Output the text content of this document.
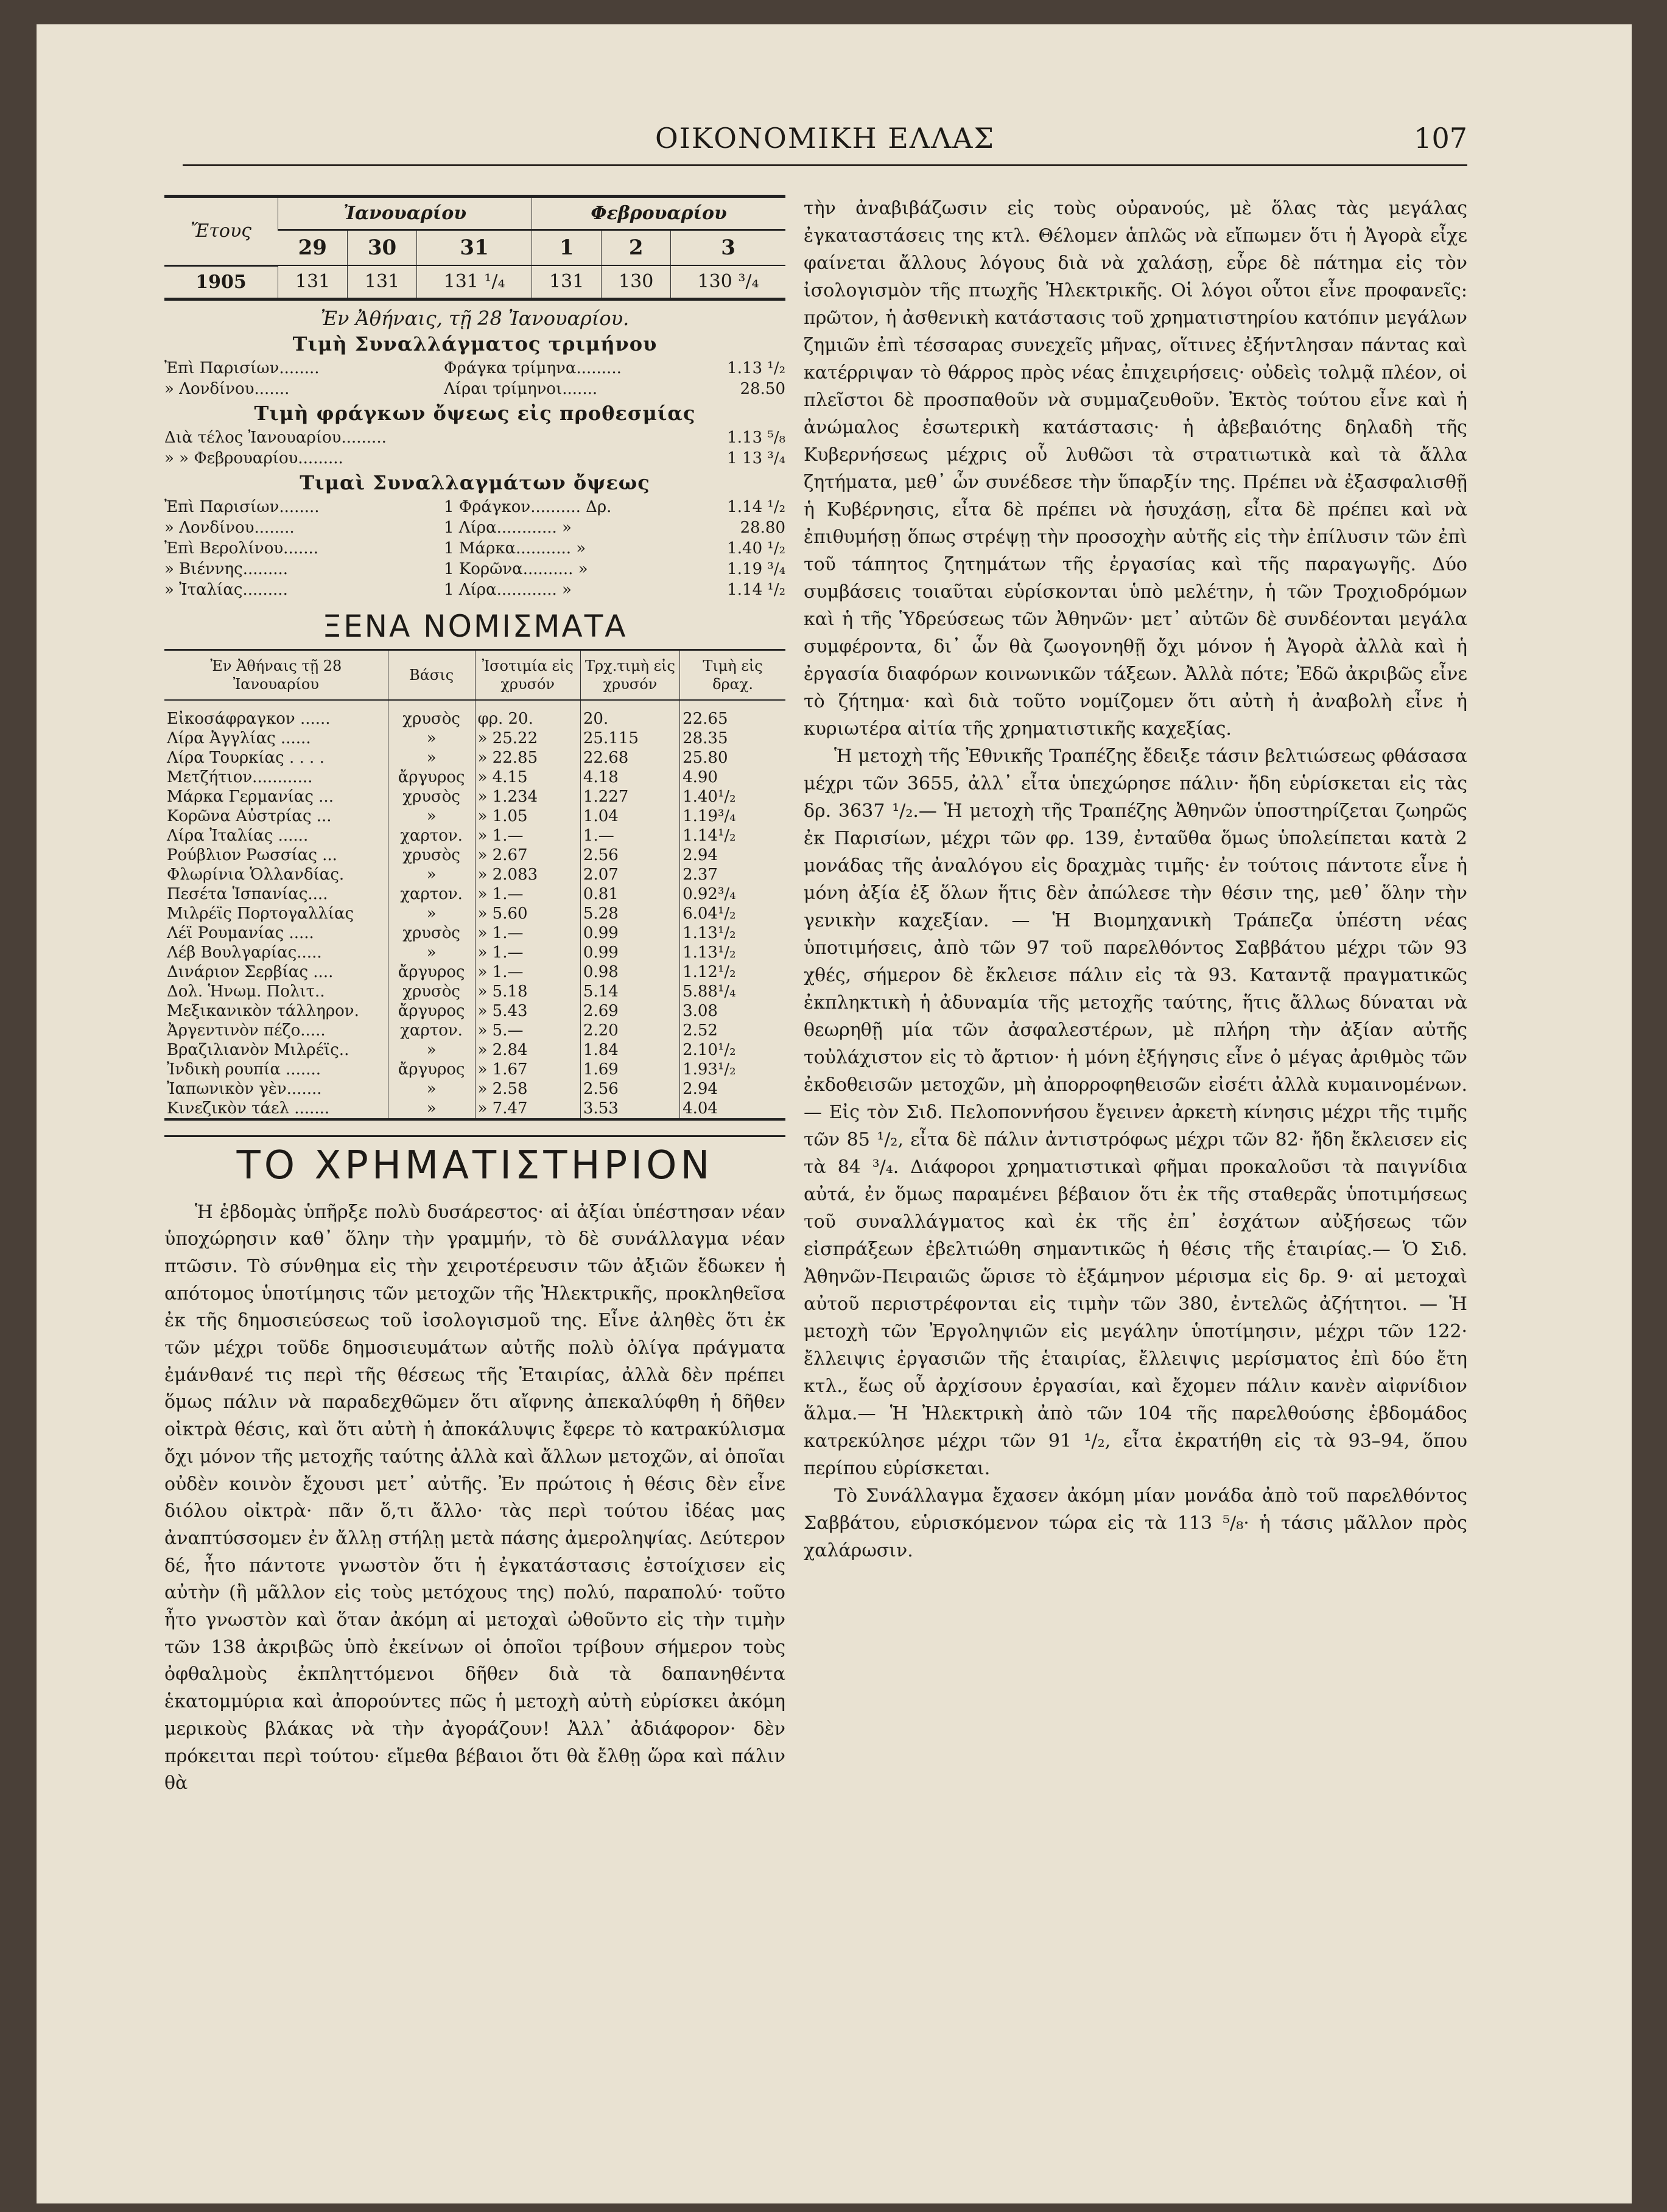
ΟΙΚΟΝΟΜΙΚΗ ΕΛΛΑΣ	107
Ἔτους	Ἰανουαρίου			Φεβρουαρίου		
	29	30	31	1	2	3
1905	131	131	131 ¹/₄	131	130	130 ³/₄
Ἐν Ἀθήναις, τῇ 28 Ἰανουαρίου.
Τιμὴ Συναλλάγματος τριμήνου
Ἐπὶ Παρισίων........	Φράγκα τρίμηνα.........	1.13 ¹/₂
» Λονδίνου.......	Λίραι τρίμηνοι.......	28.50
Τιμὴ φράγκων ὄψεως εἰς προθεσμίας
Διὰ τέλος Ἰανουαρίου.........	1.13 ⁵/₈
» » Φεβρουαρίου.........	1 13 ³/₄
Τιμαὶ Συναλλαγμάτων ὄψεως
Ἐπὶ Παρισίων........	1 Φράγκον.......... Δρ.	1.14 ¹/₂
» Λονδίνου........	1 Λίρα............ »	28.80
Ἐπὶ Βερολίνου.......	1 Μάρκα........... »	1.40 ¹/₂
» Βιέννης.........	1 Κορῶνα.......... »	1.19 ³/₄
» Ἰταλίας.........	1 Λίρα............ »	1.14 ¹/₂
ΞΕΝΑ ΝΟΜΙΣΜΑΤΑ
Ἐν Ἀθήναις τῇ 28 Ἰανουαρίου	Βάσις	Ἰσοτιμία εἰς χρυσόν	Τρχ.τιμὴ εἰς χρυσόν	Τιμὴ εἰς δραχ.
Εἰκοσάφραγκον ......	χρυσὸς	φρ. 20.	20.	22.65
Λίρα Ἀγγλίας ......	»	» 25.22	25.115	28.35
Λίρα Τουρκίας . . . .	»	» 22.85	22.68	25.80
Μετζήτιον............	ἄργυρος	» 4.15	4.18	4.90
Μάρκα Γερμανίας ...	χρυσὸς	» 1.234	1.227	1.40¹/₂
Κορῶνα Αὐστρίας ...	»	» 1.05	1.04	1.19³/₄
Λίρα Ἰταλίας ......	χαρτον.	» 1.—	1.—	1.14¹/₂
Ρούβλιον Ρωσσίας ...	χρυσὸς	» 2.67	2.56	2.94
Φλωρίνια Ὁλλανδίας.	»	» 2.083	2.07	2.37
Πεσέτα Ἱσπανίας....	χαρτον.	» 1.—	0.81	0.92³/₄
Μιλρέϊς Πορτογαλλίας	»	» 5.60	5.28	6.04¹/₂
Λέϊ Ρουμανίας .....	χρυσὸς	» 1.—	0.99	1.13¹/₂
Λέβ Βουλγαρίας.....	»	» 1.—	0.99	1.13¹/₂
Δινάριον Σερβίας ....	ἄργυρος	» 1.—	0.98	1.12¹/₂
Δολ. Ἡνωμ. Πολιτ..	χρυσὸς	» 5.18	5.14	5.88¹/₄
Μεξικανικὸν τάλληρον.	ἄργυρος	» 5.43	2.69	3.08
Ἀργεντινὸν πέζο.....	χαρτον.	» 5.—	2.20	2.52
Βραζιλιανὸν Μιλρέϊς..	»	» 2.84	1.84	2.10¹/₂
Ἰνδικὴ ρουπία .......	ἄργυρος	» 1.67	1.69	1.93¹/₂
Ἰαπωνικὸν γὲν.......	»	» 2.58	2.56	2.94
Κινεζικὸν τάελ .......	»	» 7.47	3.53	4.04
ΤΟ ΧΡΗΜΑΤΙΣΤΗΡΙΟΝ

Ἡ ἑβδομὰς ὑπῆρξε πολὺ δυσάρεστος· αἱ ἀξίαι ὑπέστησαν νέαν ὑποχώρησιν καθ᾽ ὅλην τὴν γραμμήν, τὸ δὲ συνάλλαγμα νέαν πτῶσιν. Τὸ σύνθημα εἰς τὴν χειροτέρευσιν τῶν ἀξιῶν ἔδωκεν ἡ απότομος ὑποτίμησις τῶν μετοχῶν τῆς Ἠλεκτρικῆς, προκληθεῖσα ἐκ τῆς δημοσιεύσεως τοῦ ἰσολογισμοῦ της. Εἶνε ἀληθὲς ὅτι ἐκ τῶν μέχρι τοῦδε δημοσιευμάτων αὐτῆς πολὺ ὀλίγα πράγματα ἐμάνθανέ τις περὶ τῆς θέσεως τῆς Ἑταιρίας, ἀλλὰ δὲν πρέπει ὅμως πάλιν νὰ παραδεχθῶμεν ὅτι αἴφνης ἀπεκαλύφθη ἡ δῆθεν οἰκτρὰ θέσις, καὶ ὅτι αὐτὴ ἡ ἀποκάλυψις ἔφερε τὸ κατρακύλισμα ὄχι μόνον τῆς μετοχῆς ταύτης ἀλλὰ καὶ ἄλλων μετοχῶν, αἱ ὁποῖαι οὐδὲν κοινὸν ἔχουσι μετ᾽ αὐτῆς. Ἐν πρώτοις ἡ θέσις δὲν εἶνε διόλου οἰκτρὰ· πᾶν ὅ,τι ἄλλο· τὰς περὶ τούτου ἰδέας μας ἀναπτύσσομεν ἐν ἄλλῃ στήλῃ μετὰ πάσης ἀμεροληψίας. Δεύτερον δέ, ἦτο πάντοτε γνωστὸν ὅτι ἡ ἐγκατάστασις ἐστοίχισεν εἰς αὐτὴν (ἢ μᾶλλον εἰς τοὺς μετόχους της) πολύ, παραπολύ· τοῦτο ἦτο γνωστὸν καὶ ὅταν ἀκόμη αἱ μετοχαὶ ὠθοῦντο εἰς τὴν τιμὴν τῶν 138 ἀκριβῶς ὑπὸ ἐκείνων οἱ ὁποῖοι τρίβουν σήμερον τοὺς ὀφθαλμοὺς ἐκπληττόμενοι δῆθεν διὰ τὰ δαπανηθέντα ἑκατομμύρια καὶ ἀπορούντες πῶς ἡ μετοχὴ αὐτὴ εὐρίσκει ἀκόμη μερικοὺς βλάκας νὰ τὴν ἀγοράζουν! Ἀλλ᾽ ἀδιάφορον· δὲν πρόκειται περὶ τούτου· εἴμεθα βέβαιοι ὅτι θὰ ἔλθῃ ὥρα καὶ πάλιν θὰ

τὴν ἀναβιβάζωσιν εἰς τοὺς οὐρανούς, μὲ ὅλας τὰς μεγάλας ἐγκαταστάσεις της κτλ. Θέλομεν ἁπλῶς νὰ εἴπωμεν ὅτι ἡ Ἀγορὰ εἶχε φαίνεται ἄλλους λόγους διὰ νὰ χαλάσῃ, εὗρε δὲ πάτημα εἰς τὸν ἰσολογισμὸν τῆς πτωχῆς Ἠλεκτρικῆς. Οἱ λόγοι οὗτοι εἶνε προφανεῖς: πρῶτον, ἡ ἀσθενικὴ κατάστασις τοῦ χρηματιστηρίου κατόπιν μεγάλων ζημιῶν ἐπὶ τέσσαρας συνεχεῖς μῆνας, οἵτινες ἐξήντλησαν πάντας καὶ κατέρριψαν τὸ θάρρος πρὸς νέας ἐπιχειρήσεις· οὐδεὶς τολμᾷ πλέον, οἱ πλεῖστοι δὲ προσπαθοῦν νὰ συμμαζευθοῦν. Ἐκτὸς τούτου εἶνε καὶ ἡ ἀνώμαλος ἐσωτερικὴ κατάστασις· ἡ ἀβεβαιότης δηλαδὴ τῆς Κυβερνήσεως μέχρις οὗ λυθῶσι τὰ στρατιωτικὰ καὶ τὰ ἄλλα ζητήματα, μεθ᾽ ὧν συνέδεσε τὴν ὕπαρξίν της. Πρέπει νὰ ἐξασφαλισθῇ ἡ Κυβέρνησις, εἶτα δὲ πρέπει νὰ ἡσυχάσῃ, εἶτα δὲ πρέπει καὶ νὰ ἐπιθυμήσῃ ὅπως στρέψῃ τὴν προσοχὴν αὐτῆς εἰς τὴν ἐπίλυσιν τῶν ἐπὶ τοῦ τάπητος ζητημάτων τῆς ἐργασίας καὶ τῆς παραγωγῆς. Δύο συμβάσεις τοιαῦται εὑρίσκονται ὑπὸ μελέτην, ἡ τῶν Τροχιοδρόμων καὶ ἡ τῆς Ὑδρεύσεως τῶν Ἀθηνῶν· μετ᾽ αὐτῶν δὲ συνδέονται μεγάλα συμφέροντα, δι᾽ ὧν θὰ ζωογονηθῇ ὄχι μόνον ἡ Ἀγορὰ ἀλλὰ καὶ ἡ ἐργασία διαφόρων κοινωνικῶν τάξεων. Ἀλλὰ πότε; Ἐδῶ ἀκριβῶς εἶνε τὸ ζήτημα· καὶ διὰ τοῦτο νομίζομεν ὅτι αὐτὴ ἡ ἀναβολὴ εἶνε ἡ κυριωτέρα αἰτία τῆς χρηματιστικῆς καχεξίας.

Ἡ μετοχὴ τῆς Ἐθνικῆς Τραπέζης ἔδειξε τάσιν βελτιώσεως φθάσασα μέχρι τῶν 3655, ἀλλ᾽ εἶτα ὑπεχώρησε πάλιν· ἤδη εὑρίσκεται εἰς τὰς δρ. 3637 ¹/₂.— Ἡ μετοχὴ τῆς Τραπέζης Ἀθηνῶν ὑποστηρίζεται ζωηρῶς ἐκ Παρισίων, μέχρι τῶν φρ. 139, ἐνταῦθα ὅμως ὑπολείπεται κατὰ 2 μονάδας τῆς ἀναλόγου εἰς δραχμὰς τιμῆς· ἐν τούτοις πάντοτε εἶνε ἡ μόνη ἀξία ἐξ ὅλων ἥτις δὲν ἀπώλεσε τὴν θέσιν της, μεθ᾽ ὅλην τὴν γενικὴν καχεξίαν. — Ἡ Βιομηχανικὴ Τράπεζα ὑπέστη νέας ὑποτιμήσεις, ἀπὸ τῶν 97 τοῦ παρελθόντος Σαββάτου μέχρι τῶν 93 χθές, σήμερον δὲ ἔκλεισε πάλιν εἰς τὰ 93. Καταντᾷ πραγματικῶς ἐκπληκτικὴ ἡ ἀδυναμία τῆς μετοχῆς ταύτης, ἥτις ἄλλως δύναται νὰ θεωρηθῇ μία τῶν ἀσφαλεστέρων, μὲ πλήρη τὴν ἀξίαν αὐτῆς τοὐλάχιστον εἰς τὸ ἄρτιον· ἡ μόνη ἐξήγησις εἶνε ὁ μέγας ἀριθμὸς τῶν ἐκδοθεισῶν μετοχῶν, μὴ ἀπορροφηθεισῶν εἰσέτι ἀλλὰ κυμαινομένων. — Εἰς τὸν Σιδ. Πελοποννήσου ἔγεινεν ἀρκετὴ κίνησις μέχρι τῆς τιμῆς τῶν 85 ¹/₂, εἶτα δὲ πάλιν ἀντιστρόφως μέχρι τῶν 82· ἤδη ἔκλεισεν εἰς τὰ 84 ³/₄. Διάφοροι χρηματιστικαὶ φῆμαι προκαλοῦσι τὰ παιγνίδια αὐτά, ἐν ὅμως παραμένει βέβαιον ὅτι ἐκ τῆς σταθερᾶς ὑποτιμήσεως τοῦ συναλλάγματος καὶ ἐκ τῆς ἐπ᾽ ἐσχάτων αὐξήσεως τῶν εἰσπράξεων ἐβελτιώθη σημαντικῶς ἡ θέσις τῆς ἑταιρίας.— Ὁ Σιδ. Ἀθηνῶν-Πειραιῶς ὥρισε τὸ ἑξάμηνον μέρισμα εἰς δρ. 9· αἱ μετοχαὶ αὐτοῦ περιστρέφονται εἰς τιμὴν τῶν 380, ἐντελῶς ἀζήτητοι. — Ἡ μετοχὴ τῶν Ἐργοληψιῶν εἰς μεγάλην ὑποτίμησιν, μέχρι τῶν 122· ἔλλειψις ἐργασιῶν τῆς ἑταιρίας, ἔλλειψις μερίσματος ἐπὶ δύο ἔτη κτλ., ἕως οὗ ἀρχίσουν ἐργασίαι, καὶ ἔχομεν πάλιν κανὲν αἰφνίδιον ἅλμα.— Ἡ Ἠλεκτρικὴ ἀπὸ τῶν 104 τῆς παρελθούσης ἑβδομάδος κατρεκύλησε μέχρι τῶν 91 ¹/₂, εἶτα ἐκρατήθη εἰς τὰ 93–94, ὅπου περίπου εὑρίσκεται.

Τὸ Συνάλλαγμα ἔχασεν ἀκόμη μίαν μονάδα ἀπὸ τοῦ παρελθόντος Σαββάτου, εὑρισκόμενον τώρα εἰς τὰ 113 ⁵/₈· ἡ τάσις μᾶλλον πρὸς χαλάρωσιν.
